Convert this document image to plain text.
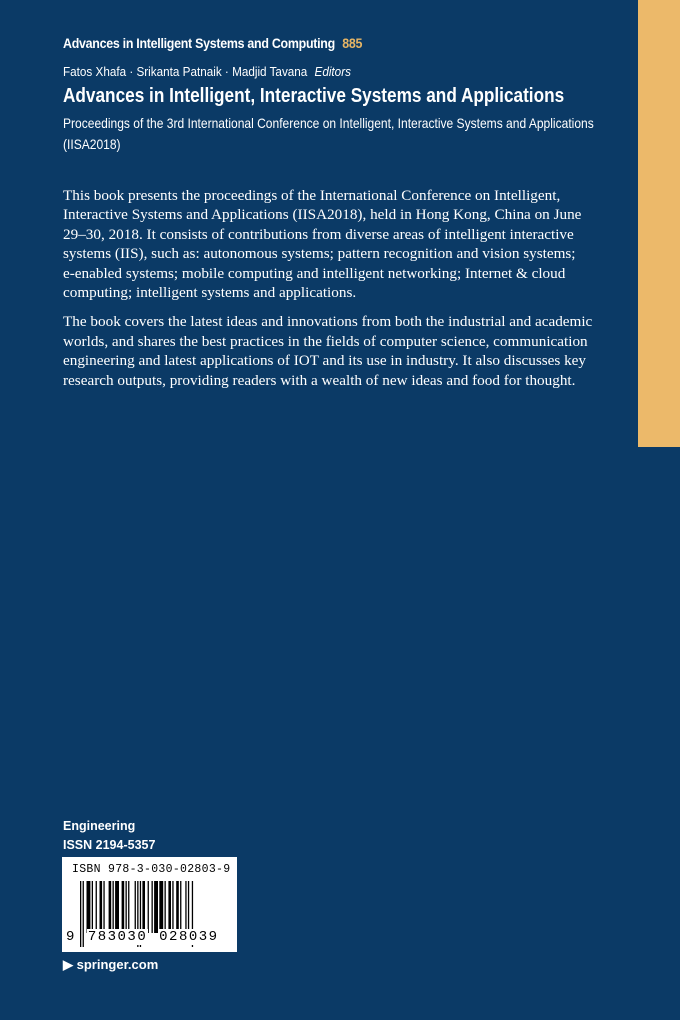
Advances in Intelligent Systems and Computing 885
Fatos Xhafa · Srikanta Patnaik · Madjid Tavana Editors
Advances in Intelligent, Interactive Systems and Applications
Proceedings of the 3rd International Conference on Intelligent, Interactive Systems and Applications (IISA2018)

This book presents the proceedings of the International Conference on Intelligent,
Interactive Systems and Applications (IISA2018), held in Hong Kong, China on June
29–30, 2018. It consists of contributions from diverse areas of intelligent interactive
systems (IIS), such as: autonomous systems; pattern recognition and vision systems;
e-enabled systems; mobile computing and intelligent networking; Internet & cloud
computing; intelligent systems and applications.

The book covers the latest ideas and innovations from both the industrial and academic
worlds, and shares the best practices in the fields of computer science, communication
engineering and latest applications of IOT and its use in industry. It also discusses key
research outputs, providing readers with a wealth of new ideas and food for thought.

Engineering
ISSN 2194-5357
ISBN 978-3-030-02803-9
9 783030 028039
▶ springer.com
